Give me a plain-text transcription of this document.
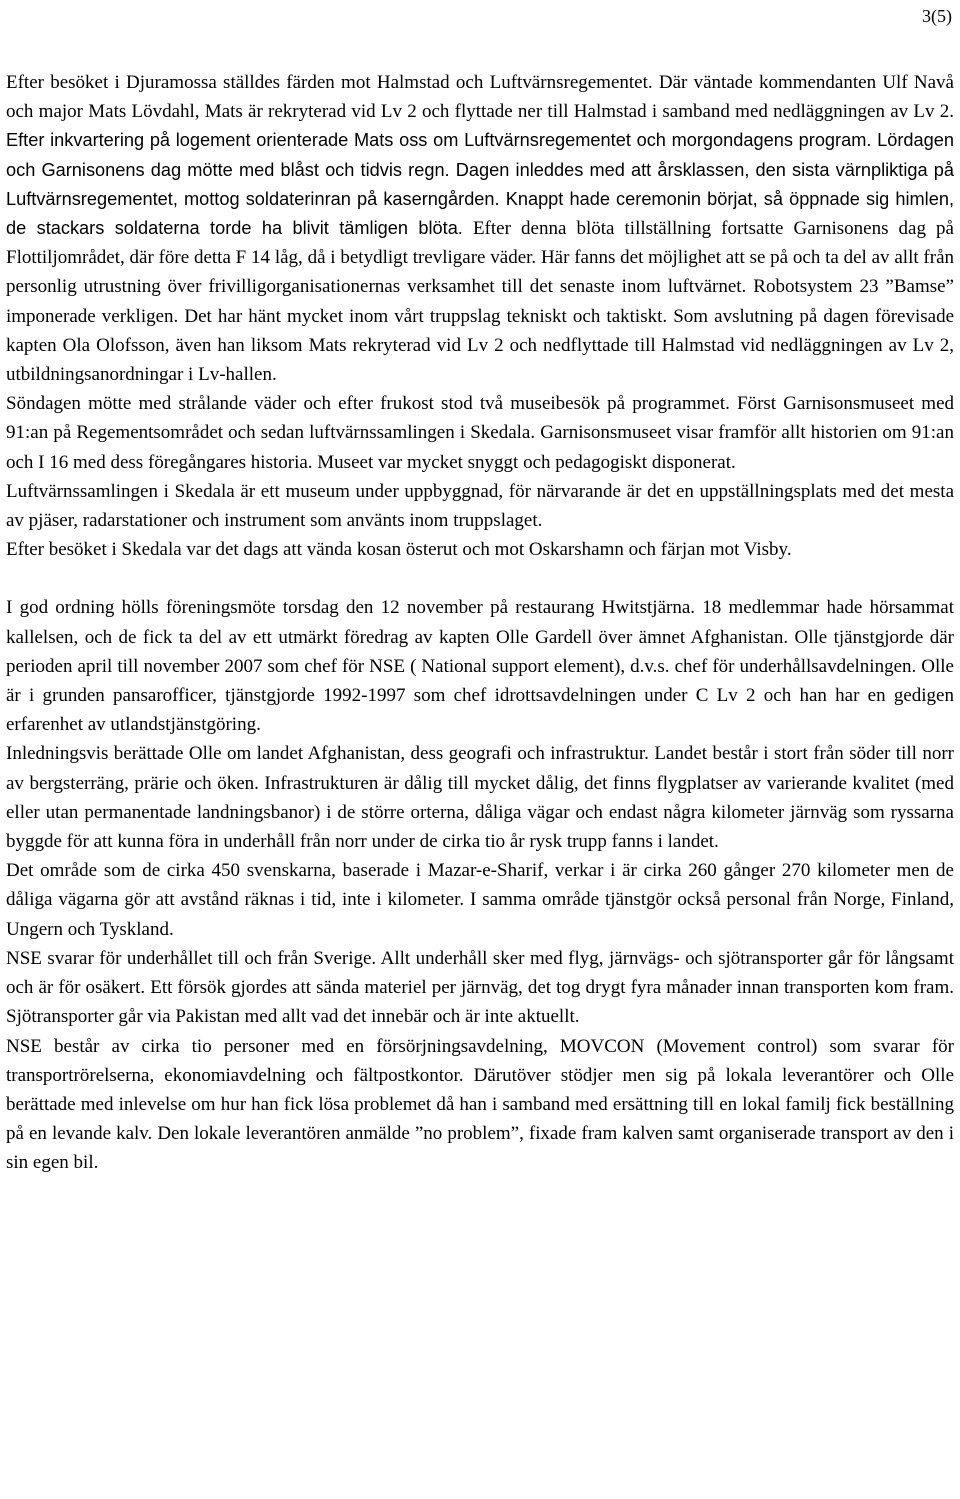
3(5)

Efter besöket i Djuramossa ställdes färden mot Halmstad och Luftvärnsregementet. Där väntade kommendanten Ulf Navå och major Mats Lövdahl, Mats är rekryterad vid Lv 2 och flyttade ner till Halmstad i samband med nedläggningen av Lv 2. Efter inkvartering på logement orienterade Mats oss om Luftvärnsregementet och morgondagens program. Lördagen och Garnisonens dag mötte med blåst och tidvis regn. Dagen inleddes med att årsklassen, den sista värnpliktiga på Luftvärnsregementet, mottog soldaterinran på kaserngården. Knappt hade ceremonin börjat, så öppnade sig himlen, de stackars soldaterna torde ha blivit tämligen blöta. Efter denna blöta tillställning fortsatte Garnisonens dag på Flottiljområdet, där före detta F 14 låg, då i betydligt trevligare väder. Här fanns det möjlighet att se på och ta del av allt från personlig utrustning över frivilligorganisationernas verksamhet till det senaste inom luftvärnet. Robotsystem 23 ”Bamse” imponerade verkligen. Det har hänt mycket inom vårt truppslag tekniskt och taktiskt. Som avslutning på dagen förevisade kapten Ola Olofsson, även han liksom Mats rekryterad vid Lv 2 och nedflyttade till Halmstad vid nedläggningen av Lv 2, utbildningsanordningar i Lv-hallen.

Söndagen mötte med strålande väder och efter frukost stod två museibesök på programmet. Först Garnisonsmuseet med 91:an på Regementsområdet och sedan luftvärnssamlingen i Skedala. Garnisonsmuseet visar framför allt historien om 91:an och I 16 med dess föregångares historia. Museet var mycket snyggt och pedagogiskt disponerat.

Luftvärnssamlingen i Skedala är ett museum under uppbyggnad, för närvarande är det en uppställningsplats med det mesta av pjäser, radarstationer och instrument som använts inom truppslaget.

Efter besöket i Skedala var det dags att vända kosan österut och mot Oskarshamn och färjan mot Visby.

I god ordning hölls föreningsmöte torsdag den 12 november på restaurang Hwitstjärna. 18 medlemmar hade hörsammat kallelsen, och de fick ta del av ett utmärkt föredrag av kapten Olle Gardell över ämnet Afghanistan. Olle tjänstgjorde där perioden april till november 2007 som chef för NSE ( National support element), d.v.s. chef för underhållsavdelningen. Olle är i grunden pansarofficer, tjänstgjorde 1992-1997 som chef idrottsavdelningen under C Lv 2 och han har en gedigen erfarenhet av utlandstjänstgöring.

Inledningsvis berättade Olle om landet Afghanistan, dess geografi och infrastruktur. Landet består i stort från söder till norr av bergsterräng, prärie och öken. Infrastrukturen är dålig till mycket dålig, det finns flygplatser av varierande kvalitet (med eller utan permanentade landningsbanor) i de större orterna, dåliga vägar och endast några kilometer järnväg som ryssarna byggde för att kunna föra in underhåll från norr under de cirka tio år rysk trupp fanns i landet.

Det område som de cirka 450 svenskarna, baserade i Mazar-e-Sharif, verkar i är cirka 260 gånger 270 kilometer men de dåliga vägarna gör att avstånd räknas i tid, inte i kilometer. I samma område tjänstgör också personal från Norge, Finland, Ungern och Tyskland.

NSE svarar för underhållet till och från Sverige. Allt underhåll sker med flyg, järnvägs- och sjötransporter går för långsamt och är för osäkert. Ett försök gjordes att sända materiel per järnväg, det tog drygt fyra månader innan transporten kom fram. Sjötransporter går via Pakistan med allt vad det innebär och är inte aktuellt.

NSE består av cirka tio personer med en försörjningsavdelning, MOVCON (Movement control) som svarar för transportrörelserna, ekonomiavdelning och fältpostkontor. Därutöver stödjer men sig på lokala leverantörer och Olle berättade med inlevelse om hur han fick lösa problemet då han i samband med ersättning till en lokal familj fick beställning på en levande kalv. Den lokale leverantören anmälde ”no problem”, fixade fram kalven samt organiserade transport av den i sin egen bil.
